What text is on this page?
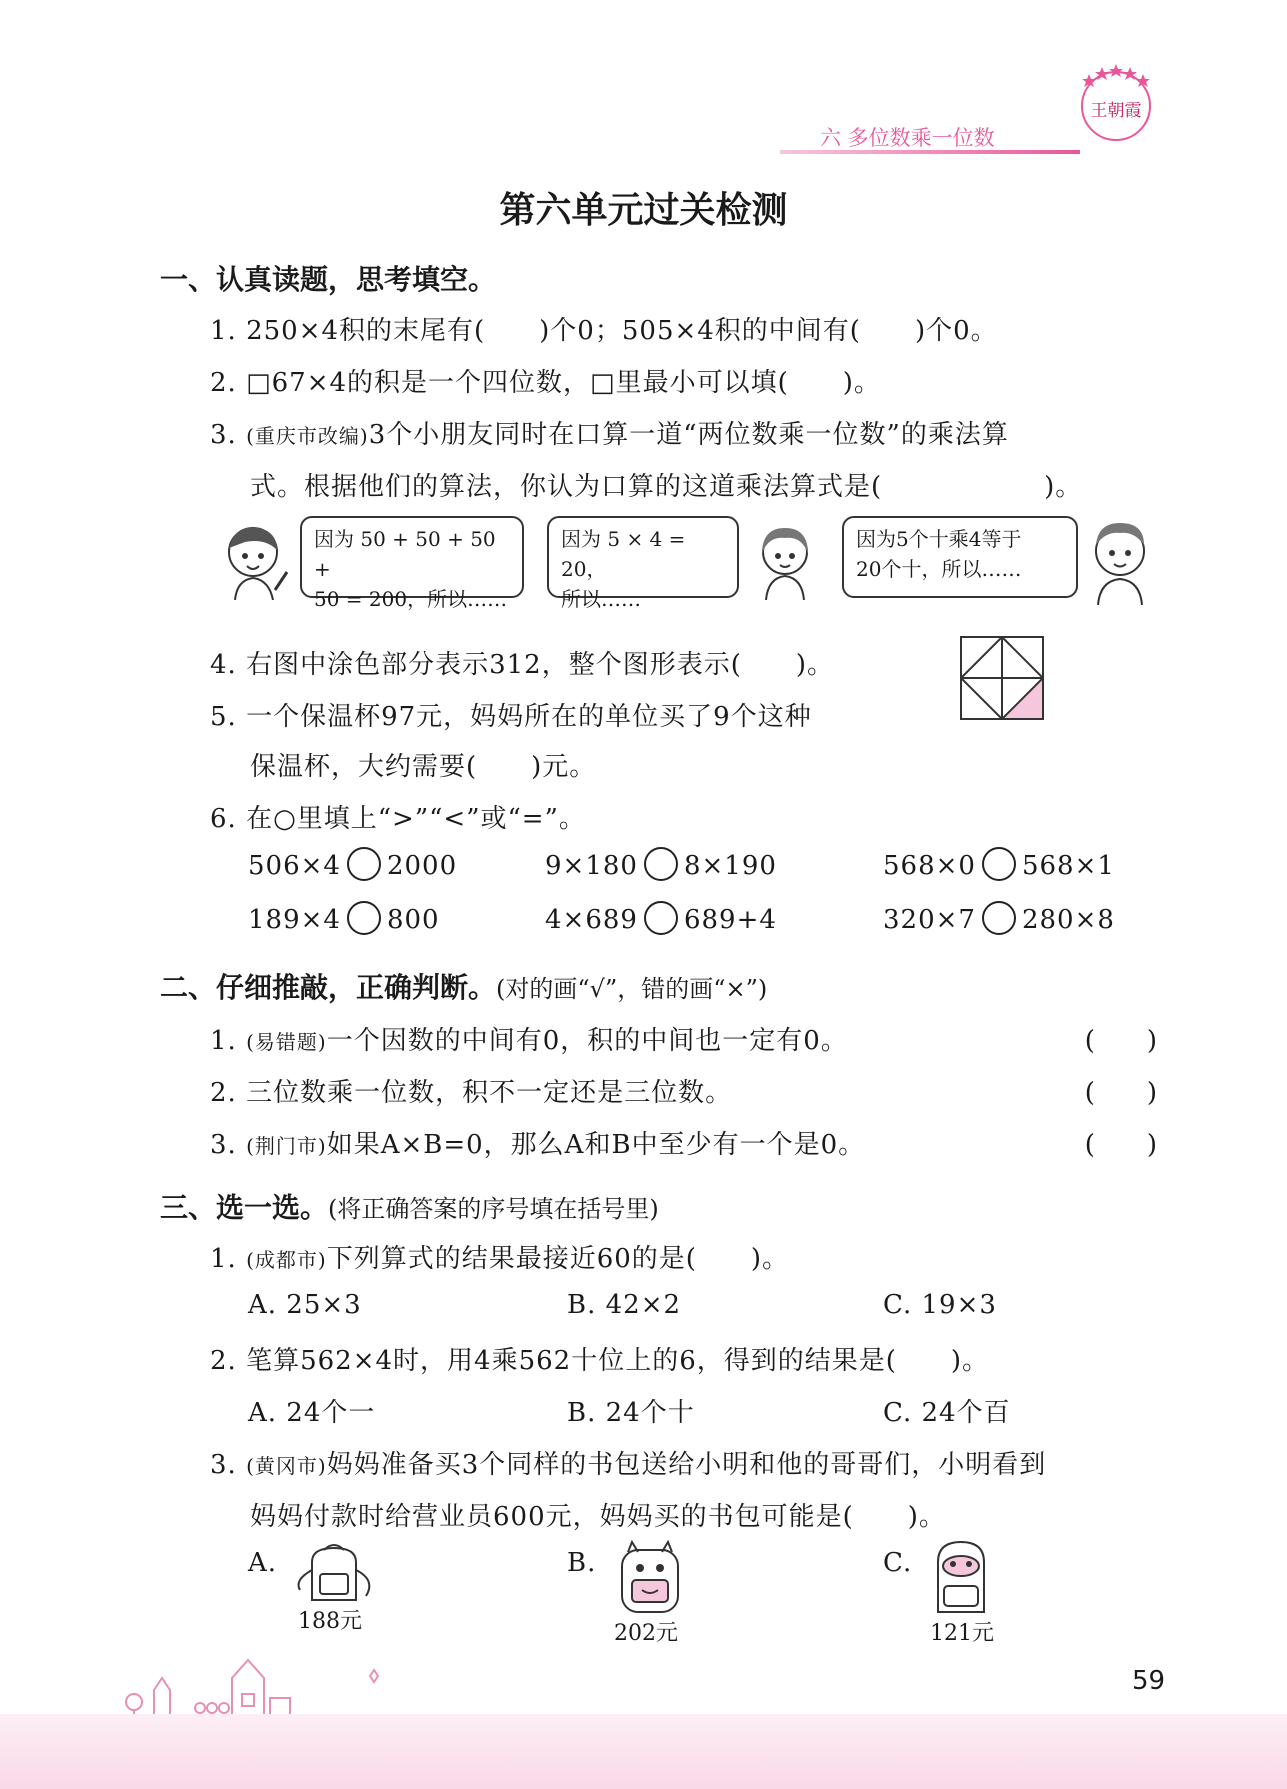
六 多位数乘一位数
王朝霞
第六单元过关检测
一、认真读题，思考填空。
1. 250×4积的末尾有(　　)个0；505×4积的中间有(　　)个0。
2. □67×4的积是一个四位数，□里最小可以填(　　)。
3. (重庆市改编)3个小朋友同时在口算一道“两位数乘一位数”的乘法算
式。根据他们的算法，你认为口算的这道乘法算式是(　　　　　　)。
因为 50 + 50 + 50 +
50 = 200，所以……
因为 5 × 4 = 20，
所以……
因为5个十乘4等于
20个十，所以……
4. 右图中涂色部分表示312，整个图形表示(　　)。
5. 一个保温杯97元，妈妈所在的单位买了9个这种
保温杯，大约需要(　　)元。
6. 在○里填上“>”“<”或“=”。
506×4 2000	9×180 8×190	568×0 568×1
189×4 800	4×689 689+4	320×7 280×8
二、仔细推敲，正确判断。(对的画“√”，错的画“×”)
1. (易错题)一个因数的中间有0，积的中间也一定有0。	(　　)
2. 三位数乘一位数，积不一定还是三位数。	(　　)
3. (荆门市)如果A×B=0，那么A和B中至少有一个是0。	(　　)
三、选一选。(将正确答案的序号填在括号里)
1. (成都市)下列算式的结果最接近60的是(　　)。
A. 25×3	B. 42×2	C. 19×3
2. 笔算562×4时，用4乘562十位上的6，得到的结果是(　　)。
A. 24个一	B. 24个十	C. 24个百
3. (黄冈市)妈妈准备买3个同样的书包送给小明和他的哥哥们，小明看到
妈妈付款时给营业员600元，妈妈买的书包可能是(　　)。
A.
188元
B.
202元
C.
121元
59
